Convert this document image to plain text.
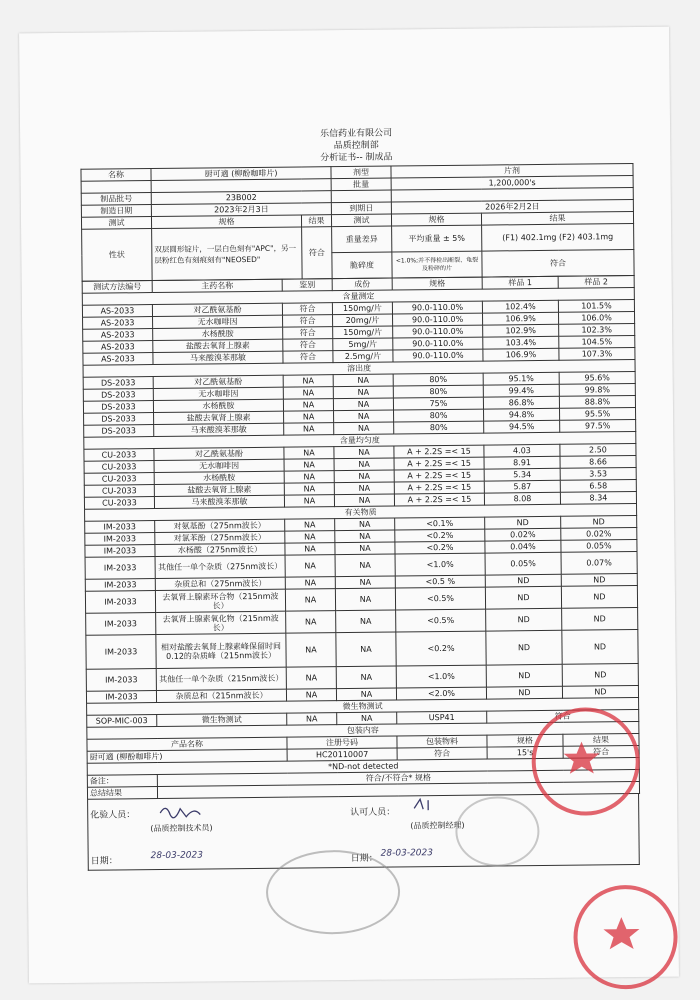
乐信药业有限公司
品质控制部
分析证书-- 制成品
名称	厨可適 (柳酚咖啡片)		剂型	片剂	
			批量	1,200,000's	
制品批号	23B002				
制造日期	2023年2月3日		到期日	2026年2月2日	
测试	规格	结果	测试	规格	结果
性状	双层圆形锭片，一层白色刻有"APC"，另一层粉红色有刻痕刻有"NEOSED"	符合	重量差异	平均重量 ± 5%	(F1) 402.1mg (F2) 403.1mg
			脆碎度	<1.0%;并不得检出断裂、龟裂及粉碎的片	符合
测试方法编号	主药名称	鉴别	成份	规格	样品 1	样品 2
含量测定						
AS-2033	对乙酰氨基酚	符合	150mg/片	90.0-110.0%	102.4%	101.5%
AS-2033	无水咖啡因	符合	20mg/片	90.0-110.0%	106.9%	106.0%
AS-2033	水杨酰胺	符合	150mg/片	90.0-110.0%	102.9%	102.3%
AS-2033	盐酸去氧肾上腺素	符合	5mg/片	90.0-110.0%	103.4%	104.5%
AS-2033	马来酸溴苯那敏	符合	2.5mg/片	90.0-110.0%	106.9%	107.3%
溶出度						
DS-2033	对乙酰氨基酚	NA	NA	80%	95.1%	95.6%
DS-2033	无水咖啡因	NA	NA	80%	99.4%	99.8%
DS-2033	水杨酰胺	NA	NA	75%	86.8%	88.8%
DS-2033	盐酸去氧肾上腺素	NA	NA	80%	94.8%	95.5%
DS-2033	马来酸溴苯那敏	NA	NA	80%	94.5%	97.5%
含量均匀度						
CU-2033	对乙酰氨基酚	NA	NA	A + 2.2S =< 15	4.03	2.50
CU-2033	无水咖啡因	NA	NA	A + 2.2S =< 15	8.91	8.66
CU-2033	水杨酰胺	NA	NA	A + 2.2S =< 15	5.34	3.53
CU-2033	盐酸去氧肾上腺素	NA	NA	A + 2.2S =< 15	5.87	6.58
CU-2033	马来酸溴苯那敏	NA	NA	A + 2.2S =< 15	8.08	8.34
有关物质						
IM-2033	对氨基酚（275nm波长）	NA	NA	<0.1%	ND	ND
IM-2033	对氯苯酚（275nm波长）	NA	NA	<0.2%	0.02%	0.02%
IM-2033	水杨酸（275nm波长）	NA	NA	<0.2%	0.04%	0.05%
IM-2033	其他任一单个杂质（275nm波长）	NA	NA	<1.0%	0.05%	0.07%
IM-2033	杂质总和（275nm波长）	NA	NA	<0.5 %	ND	ND
IM-2033	去氧肾上腺素环合物（215nm波长）	NA	NA	<0.5%	ND	ND
IM-2033	去氧肾上腺素氧化物（215nm波长）	NA	NA	<0.5%	ND	ND
IM-2033	相对盐酸去氧肾上腺素峰保留时间0.12的杂质峰（215nm波长）	NA	NA	<0.2%	ND	ND
IM-2033	其他任一单个杂质（215nm波长）	NA	NA	<1.0%	ND	ND
IM-2033	杂质总和（215nm波长）	NA	NA	<2.0%	ND	ND
微生物测试						
SOP-MIC-003	微生物测试	NA	NA	USP41	符合	
包装内容						
产品名称		注册号码		包装物料	规格	结果
厨可適 (柳酚咖啡片)		HC20110007		符合	15's	符合
*ND-not detected						
备注：	符合/不符合* 规格					
总结结果						
化验人员：
(品质控制技术员)
认可人员：
(品质控制经理)
日期：
28-03-2023	日期：
28-03-2023
